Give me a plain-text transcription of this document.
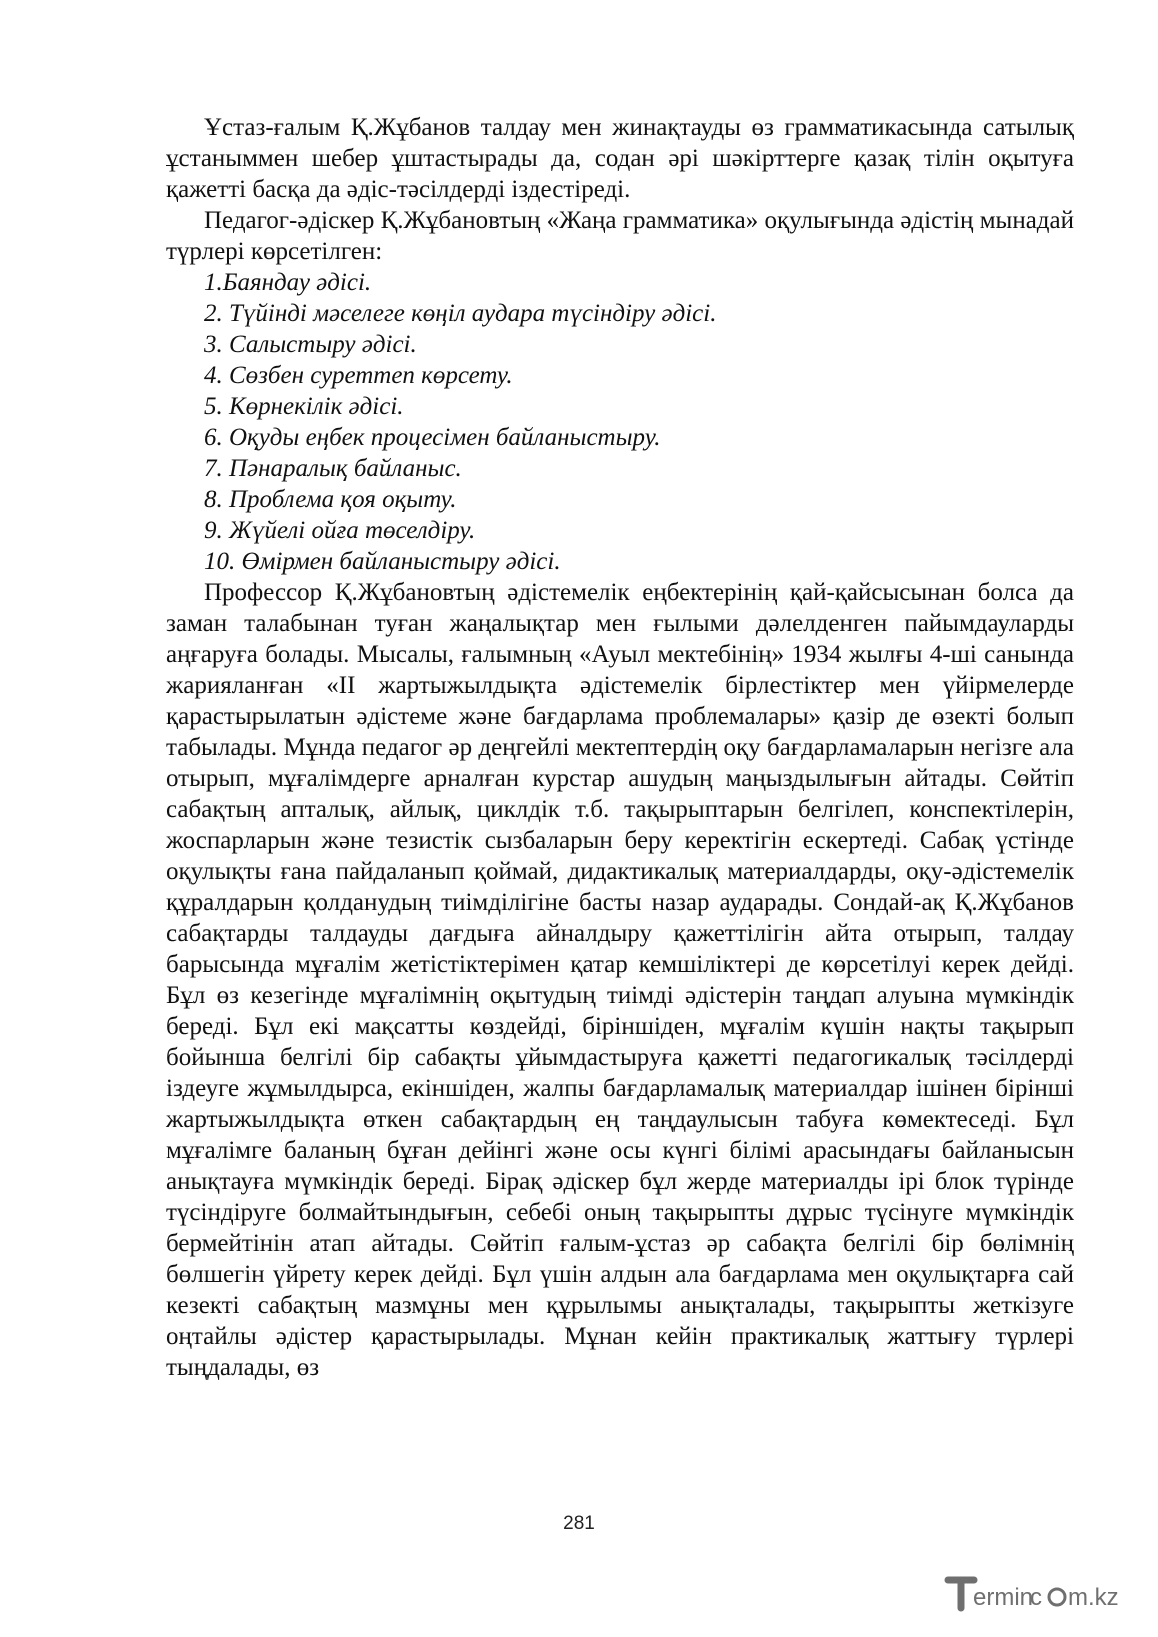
Ұстаз-ғалым Қ.Жұбанов талдау мен жинақтауды өз грамматикасында сатылық ұстаныммен шебер ұштастырады да, содан әрі шәкірттерге қазақ тілін оқытуға қажетті басқа да әдіс-тәсілдерді іздестіреді.

Педагог-әдіскер Қ.Жұбановтың «Жаңа грамматика» оқулығында әдістің мынадай түрлері көрсетілген:

1.Баяндау әдісі.
2. Түйінді мәселеге көңіл аудара түсіндіру әдісі.
3. Салыстыру әдісі.
4. Сөзбен суреттеп көрсету.
5. Көрнекілік әдісі.
6. Оқуды еңбек процесімен байланыстыру.
7. Пәнаралық байланыс.
8. Проблема қоя оқыту.
9. Жүйелі ойға төселдіру.
10. Өмірмен байланыстыру әдісі.

Профессор Қ.Жұбановтың әдістемелік еңбектерінің қай-қайсысынан болса да заман талабынан туған жаңалықтар мен ғылыми дәлелденген пайымдауларды аңғаруға болады. Мысалы, ғалымның «Ауыл мектебінің» 1934 жылғы 4-ші санында жарияланған «II жартыжылдықта әдістемелік бірлестіктер мен үйірмелерде қарастырылатын әдістеме және бағдарлама проблемалары» қазір де өзекті болып табылады. Мұнда педагог әр деңгейлі мектептердің оқу бағдарламаларын негізге ала отырып, мұғалімдерге арналған курстар ашудың маңыздылығын айтады. Сөйтіп сабақтың апталық, айлық, циклдік т.б. тақырыптарын белгілеп, конспектілерін, жоспарларын және тезистік сызбаларын беру керектігін ескертеді. Сабақ үстінде оқулықты ғана пайдаланып қоймай, дидактикалық материалдарды, оқу-әдістемелік құралдарын қолданудың тиімділігіне басты назар аударады. Сондай-ақ Қ.Жұбанов сабақтарды талдауды дағдыға айналдыру қажеттілігін айта отырып, талдау барысында мұғалім жетістіктерімен қатар кемшіліктері де көрсетілуі керек дейді. Бұл өз кезегінде мұғалімнің оқытудың тиімді әдістерін таңдап алуына мүмкіндік береді. Бұл екі мақсатты көздейді, біріншіден, мұғалім күшін нақты тақырып бойынша белгілі бір сабақты ұйымдастыруға қажетті педагогикалық тәсілдерді іздеуге жұмылдырса, екіншіден, жалпы бағдарламалық материалдар ішінен бірінші жартыжылдықта өткен сабақтардың ең таңдаулысын табуға көмектеседі. Бұл мұғалімге баланың бұған дейінгі және осы күнгі білімі арасындағы байланысын анықтауға мүмкіндік береді. Бірақ әдіскер бұл жерде материалды ірі блок түрінде түсіндіруге болмайтындығын, себебі оның тақырыпты дұрыс түсінуге мүмкіндік бермейтінін атап айтады. Сөйтіп ғалым-ұстаз әр сабақта белгілі бір бөлімнің бөлшегін үйрету керек дейді. Бұл үшін алдын ала бағдарлама мен оқулықтарға сай кезекті сабақтың мазмұны мен құрылымы анықталады, тақырыпты жеткізуге оңтайлы әдістер қарастырылады. Мұнан кейін практикалық жаттығу түрлері тыңдалады, өз

281
ermin
c m.kz
